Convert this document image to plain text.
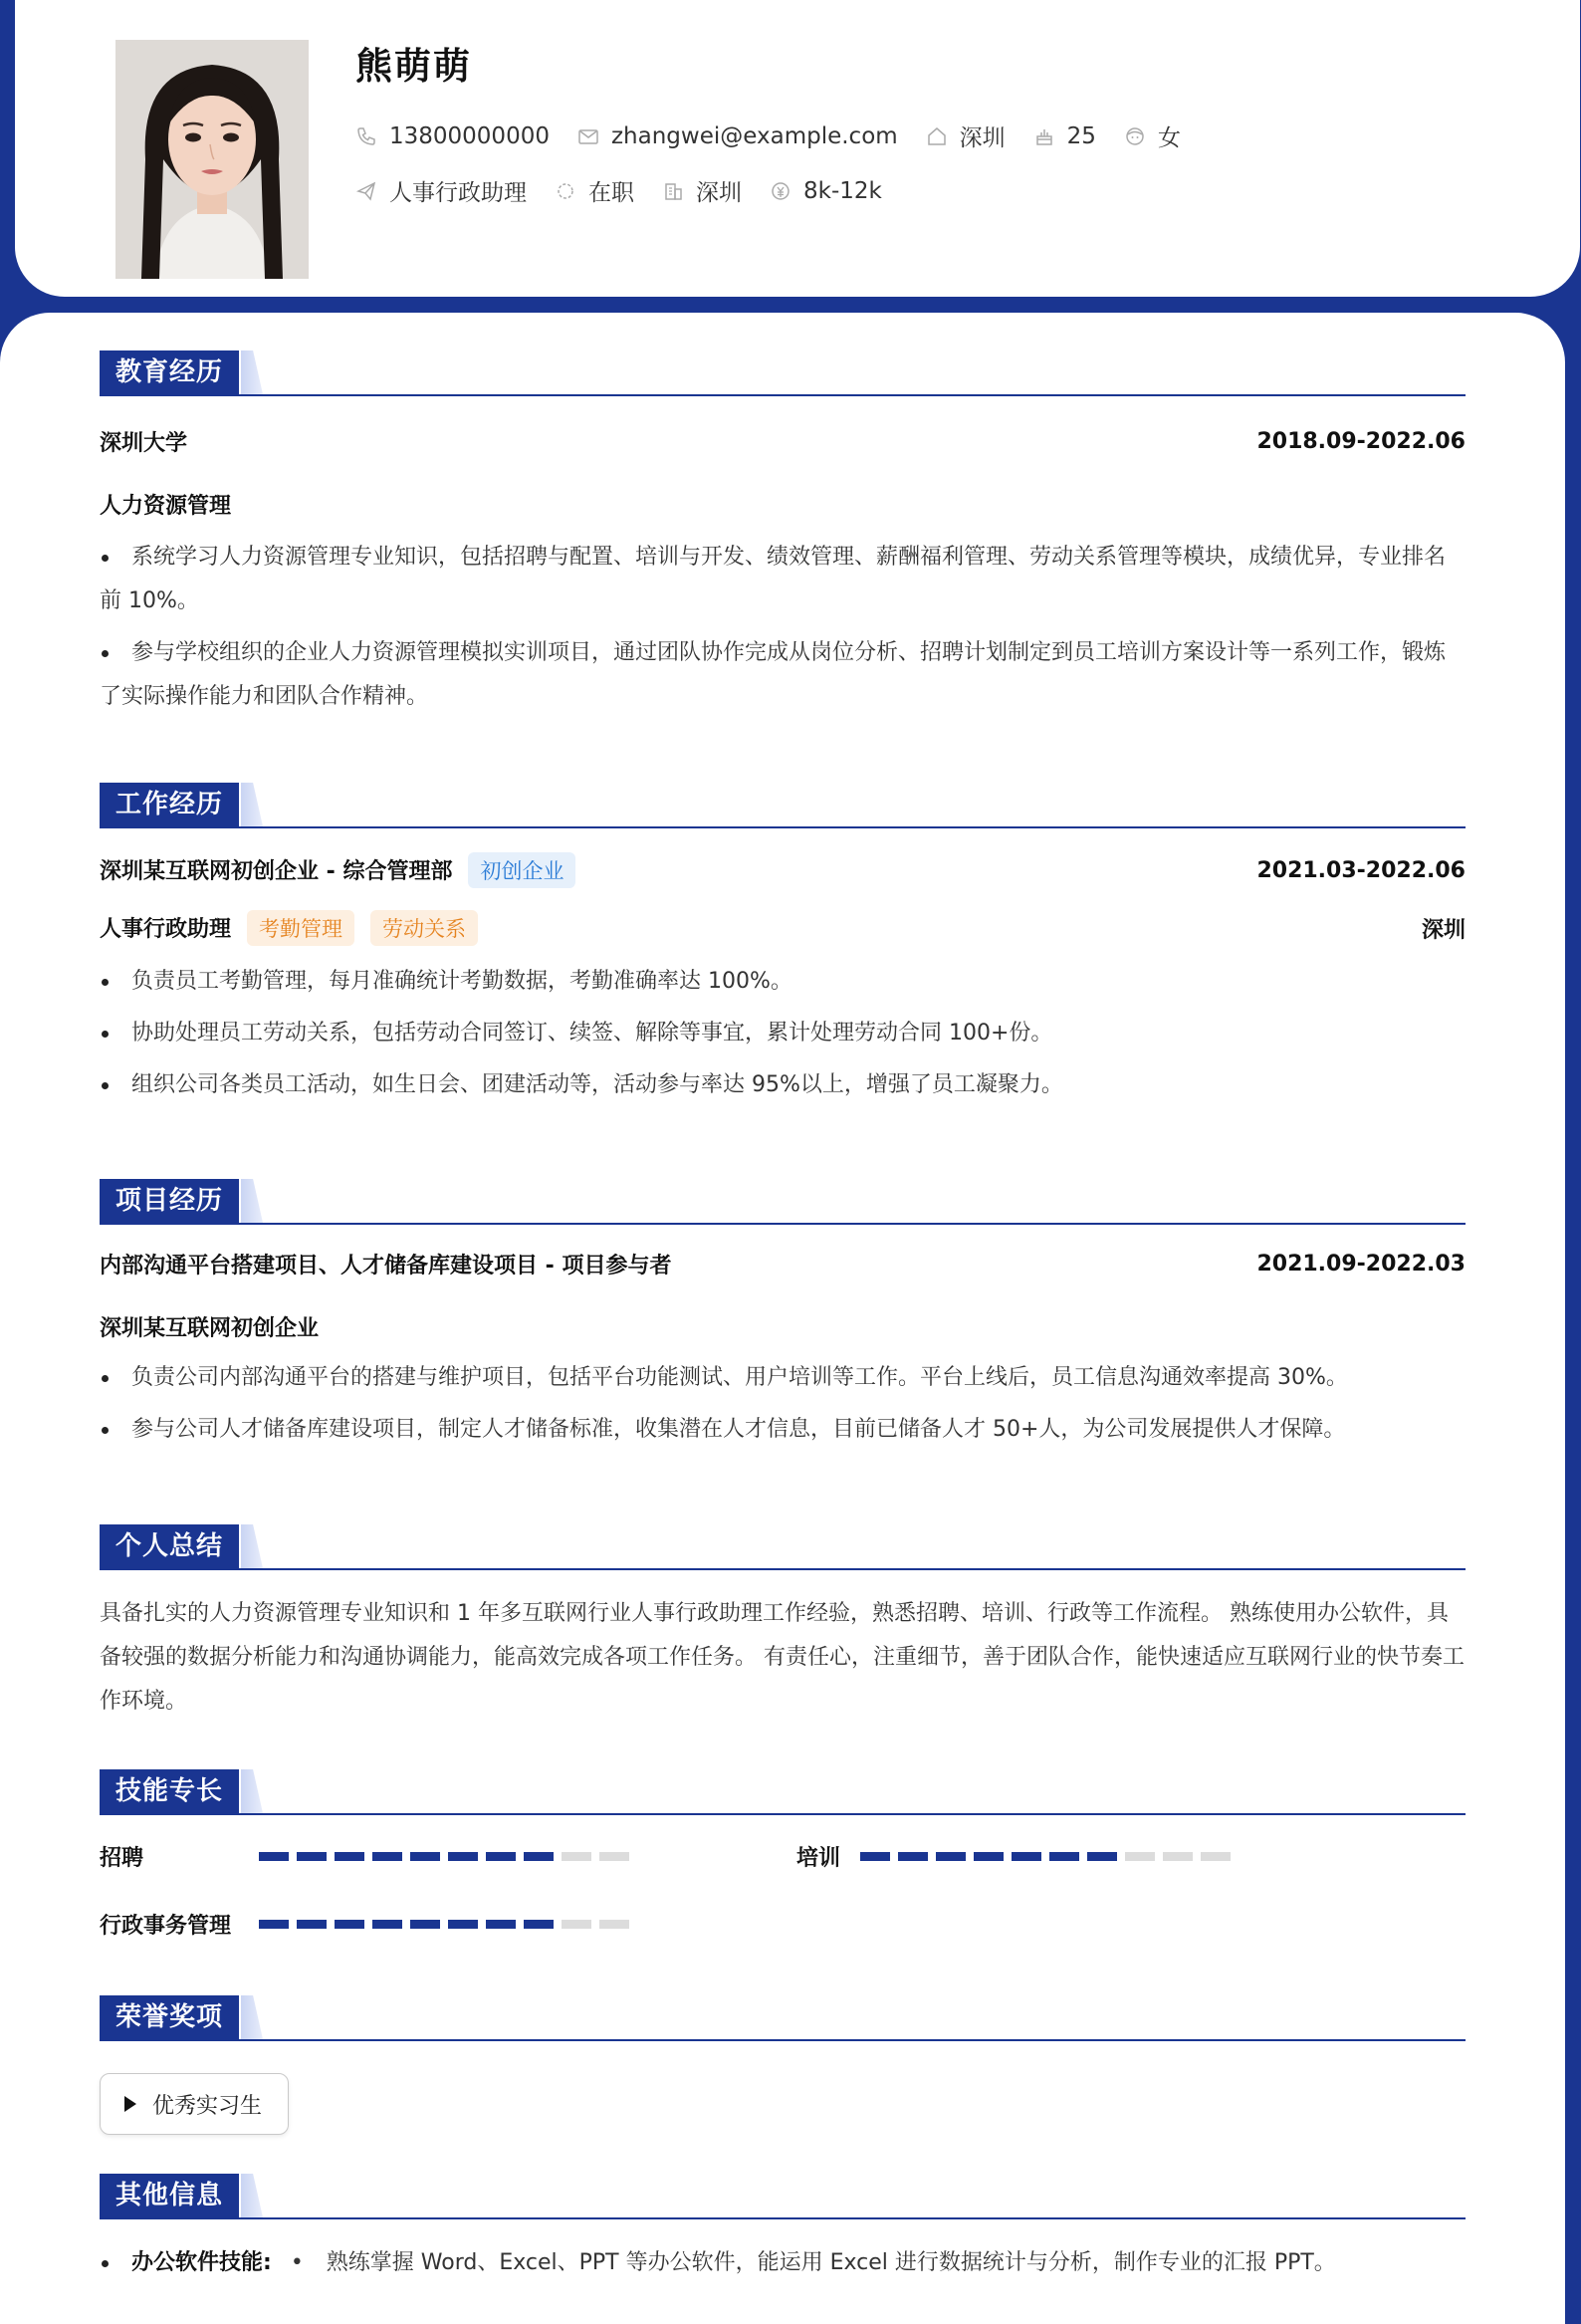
熊萌萌
13800000000	zhangwei@example.com	深圳	25	女
人事行政助理	在职	深圳	8k-12k
教育经历
深圳大学	2018.09-2022.06
人力资源管理
系统学习人力资源管理专业知识，包括招聘与配置、培训与开发、绩效管理、薪酬福利管理、劳动关系管理等模块，成绩优异，专业排名前 10%。
参与学校组织的企业人力资源管理模拟实训项目，通过团队协作完成从岗位分析、招聘计划制定到员工培训方案设计等一系列工作，锻炼了实际操作能力和团队合作精神。
工作经历
深圳某互联网初创企业 - 综合管理部 初创企业	2021.03-2022.06
人事行政助理 考勤管理 劳动关系	深圳
负责员工考勤管理，每月准确统计考勤数据，考勤准确率达 100%。
协助处理员工劳动关系，包括劳动合同签订、续签、解除等事宜，累计处理劳动合同 100+份。
组织公司各类员工活动，如生日会、团建活动等，活动参与率达 95%以上，增强了员工凝聚力。
项目经历
内部沟通平台搭建项目、人才储备库建设项目 - 项目参与者	2021.09-2022.03
深圳某互联网初创企业
负责公司内部沟通平台的搭建与维护项目，包括平台功能测试、用户培训等工作。平台上线后，员工信息沟通效率提高 30%。
参与公司人才储备库建设项目，制定人才储备标准，收集潜在人才信息，目前已储备人才 50+人，为公司发展提供人才保障。
个人总结

具备扎实的人力资源管理专业知识和 1 年多互联网行业人事行政助理工作经验，熟悉招聘、培训、行政等工作流程。 熟练使用办公软件，具备较强的数据分析能力和沟通协调能力，能高效完成各项工作任务。 有责任心，注重细节，善于团队合作，能快速适应互联网行业的快节奏工作环境。

技能专长
招聘	培训
行政事务管理
荣誉奖项
优秀实习生
其他信息
办公软件技能: • 熟练掌握 Word、Excel、PPT 等办公软件，能运用 Excel 进行数据统计与分析，制作专业的汇报 PPT。
